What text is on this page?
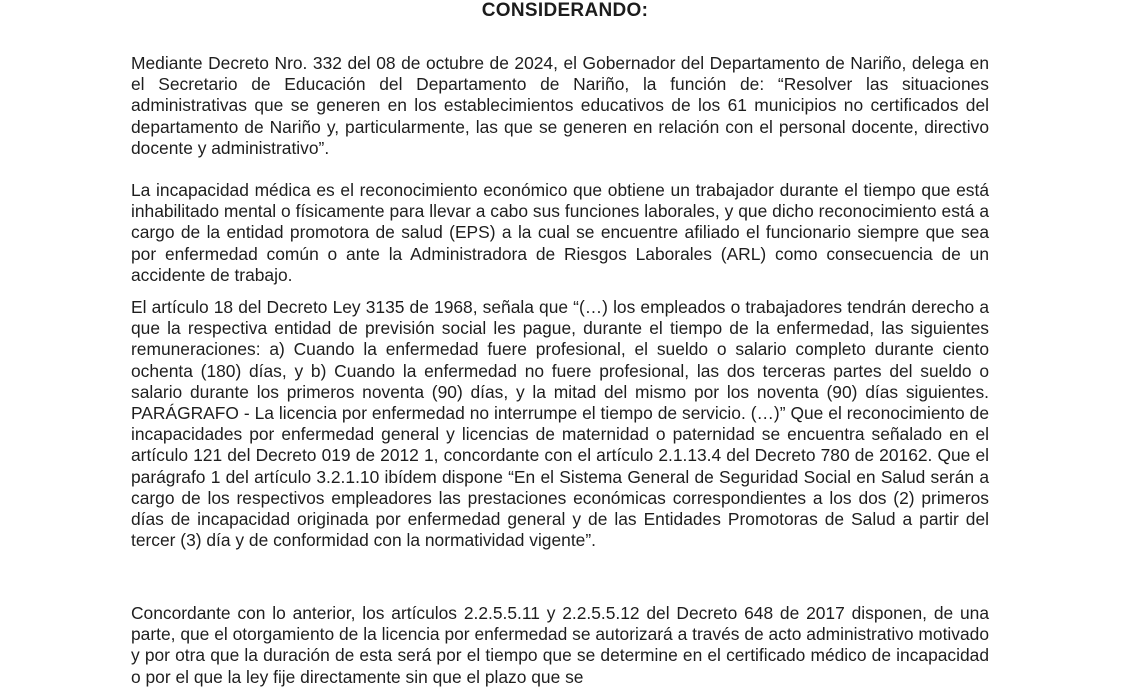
CONSIDERANDO:

Mediante Decreto Nro. 332 del 08 de octubre de 2024, el Gobernador del Departamento de Nariño, delega en el Secretario de Educación del Departamento de Nariño, la función de: “Resolver las situaciones administrativas que se generen en los establecimientos educativos de los 61 municipios no certificados del departamento de Nariño y, particularmente, las que se generen en relación con el personal docente, directivo docente y administrativo”.

La incapacidad médica es el reconocimiento económico que obtiene un trabajador durante el tiempo que está inhabilitado mental o físicamente para llevar a cabo sus funciones laborales, y que dicho reconocimiento está a cargo de la entidad promotora de salud (EPS) a la cual se encuentre afiliado el funcionario siempre que sea por enfermedad común o ante la Administradora de Riesgos Laborales (ARL) como consecuencia de un accidente de trabajo.

El artículo 18 del Decreto Ley 3135 de 1968, señala que “(…) los empleados o trabajadores tendrán derecho a que la respectiva entidad de previsión social les pague, durante el tiempo de la enfermedad, las siguientes remuneraciones: a) Cuando la enfermedad fuere profesional, el sueldo o salario completo durante ciento ochenta (180) días, y b) Cuando la enfermedad no fuere profesional, las dos terceras partes del sueldo o salario durante los primeros noventa (90) días, y la mitad del mismo por los noventa (90) días siguientes. PARÁGRAFO - La licencia por enfermedad no interrumpe el tiempo de servicio. (…)” Que el reconocimiento de incapacidades por enfermedad general y licencias de maternidad o paternidad se encuentra señalado en el artículo 121 del Decreto 019 de 2012 1, concordante con el artículo 2.1.13.4 del Decreto 780 de 20162. Que el parágrafo 1 del artículo 3.2.1.10 ibídem dispone “En el Sistema General de Seguridad Social en Salud serán a cargo de los respectivos empleadores las prestaciones económicas correspondientes a los dos (2) primeros días de incapacidad originada por enfermedad general y de las Entidades Promotoras de Salud a partir del tercer (3) día y de conformidad con la normatividad vigente”.

Concordante con lo anterior, los artículos 2.2.5.5.11 y 2.2.5.5.12 del Decreto 648 de 2017 disponen, de una parte, que el otorgamiento de la licencia por enfermedad se autorizará a través de acto administrativo motivado y por otra que la duración de esta será por el tiempo que se determine en el certificado médico de incapacidad o por el que la ley fije directamente sin que el plazo que se
